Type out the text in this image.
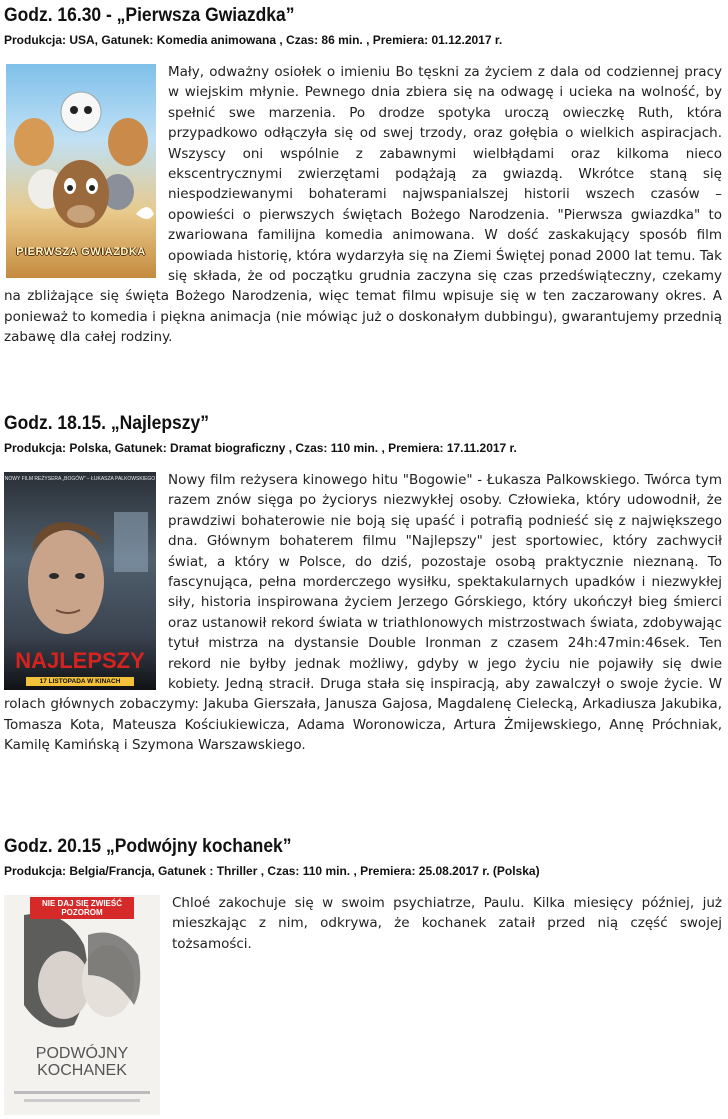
Godz. 16.30 - „Pierwsza Gwiazdka”
Produkcja: USA, Gatunek: Komedia animowana , Czas: 86 min. , Premiera: 01.12.2017 r.
PIERWSZA GWIAZDKA

Mały, odważny osiołek o imieniu Bo tęskni za życiem z dala od codziennej pracy w wiejskim młynie. Pewnego dnia zbiera się na odwagę i ucieka na wolność, by spełnić swe marzenia. Po drodze spotyka uroczą owieczkę Ruth, która przypadkowo odłączyła się od swej trzody, oraz gołębia o wielkich aspiracjach. Wszyscy oni wspólnie z zabawnymi wielbłądami oraz kilkoma nieco ekscentrycznymi zwierzętami podążają za gwiazdą. Wkrótce staną się niespodziewanymi bohaterami najwspanialszej historii wszech czasów – opowieści o pierwszych świętach Bożego Narodzenia. "Pierwsza gwiazdka" to zwariowana familijna komedia animowana. W dość zaskakujący sposób film opowiada historię, która wydarzyła się na Ziemi Świętej ponad 2000 lat temu. Tak się składa, że od początku grudnia zaczyna się czas przedświąteczny, czekamy na zbliżające się święta Bożego Narodzenia, więc temat filmu wpisuje się w ten zaczarowany okres. A ponieważ to komedia i piękna animacja (nie mówiąc już o doskonałym dubbingu), gwarantujemy przednią zabawę dla całej rodziny.

Godz. 18.15. „Najlepszy”
Produkcja: Polska, Gatunek: Dramat biograficzny , Czas: 110 min. , Premiera: 17.11.2017 r.
NOWY FILM REŻYSERA „BOGÓW” – ŁUKASZA PALKOWSKIEGO
NAJLEPSZY
17 LISTOPADA W KINACH

Nowy film reżysera kinowego hitu "Bogowie" - Łukasza Palkowskiego. Twórca tym razem znów sięga po życiorys niezwykłej osoby. Człowieka, który udowodnił, że prawdziwi bohaterowie nie boją się upaść i potrafią podnieść się z największego dna. Głównym bohaterem filmu "Najlepszy" jest sportowiec, który zachwycił świat, a który w Polsce, do dziś, pozostaje osobą praktycznie nieznaną. To fascynująca, pełna morderczego wysiłku, spektakularnych upadków i niezwykłej siły, historia inspirowana życiem Jerzego Górskiego, który ukończył bieg śmierci oraz ustanowił rekord świata w triathlonowych mistrzostwach świata, zdobywając tytuł mistrza na dystansie Double Ironman z czasem 24h:47min:46sek. Ten rekord nie byłby jednak możliwy, gdyby w jego życiu nie pojawiły się dwie kobiety. Jedną stracił. Druga stała się inspiracją, aby zawalczył o swoje życie. W rolach głównych zobaczymy: Jakuba Gierszała, Janusza Gajosa, Magdalenę Cielecką, Arkadiusza Jakubika, Tomasza Kota, Mateusza Kościukiewicza, Adama Woronowicza, Artura Żmijewskiego, Annę Próchniak, Kamilę Kamińską i Szymona Warszawskiego.

Godz. 20.15 „Podwójny kochanek”
Produkcja: Belgia/Francja, Gatunek : Thriller , Czas: 110 min. , Premiera: 25.08.2017 r. (Polska)
NIE DAJ SIĘ ZWIEŚĆ POZOROM
PODWÓJNY
KOCHANEK

Chloé zakochuje się w swoim psychiatrze, Paulu. Kilka miesięcy później, już mieszkając z nim, odkrywa, że kochanek zataił przed nią część swojej tożsamości.
